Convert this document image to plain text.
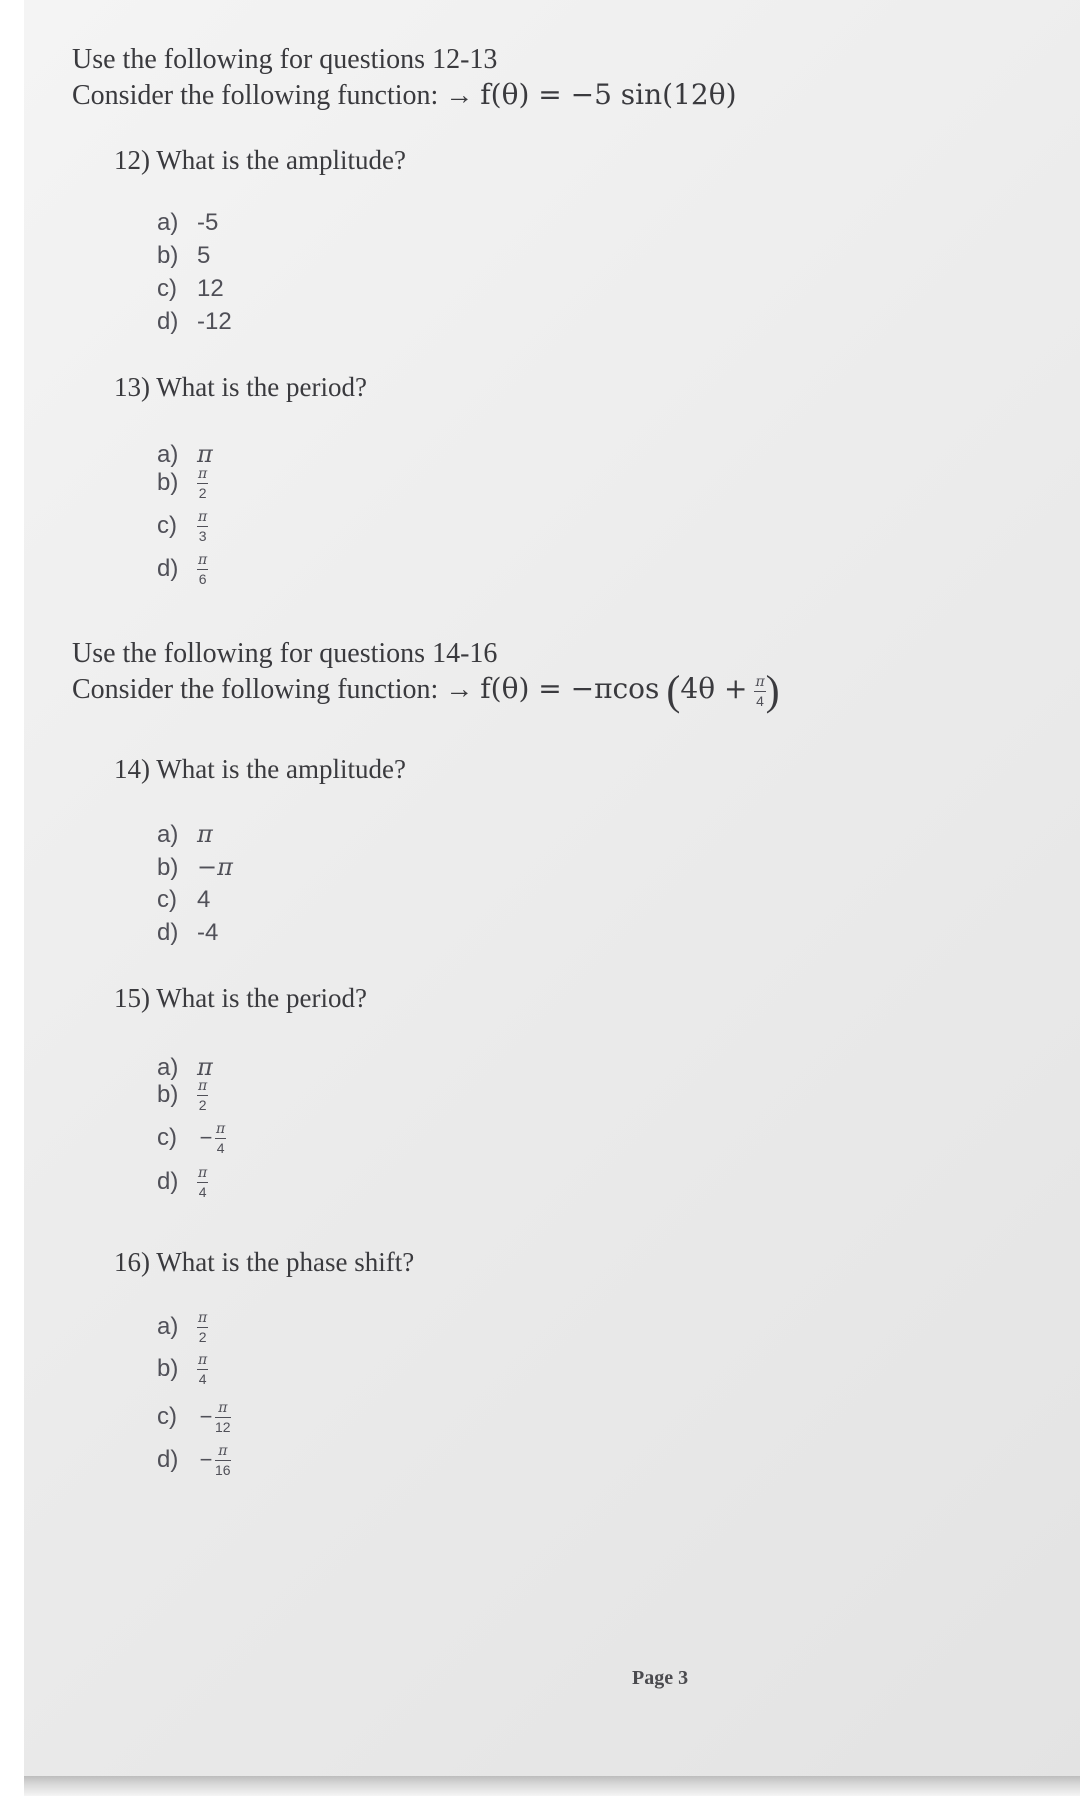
Use the following for questions 12-13
Consider the following function: → f(θ) = −5 sin(12θ)
12) What is the amplitude?
a) -5
b) 5
c) 12
d) -12
13) What is the period?
a) π
$b) \frac{\pi}{2}$
$c) \frac{\pi}{3}$
$d) \frac{\pi}{6}$
Use the following for questions 14-16
Consider the following function: → f(θ) = −πcos ($4\theta + \frac{\pi}{4}$ )
14) What is the amplitude?
a) π
b) −π
c) 4
d) -4
15) What is the period?
a) π
$b) \frac{\pi}{2}$
$c) - \frac{\pi}{4}$
$d) \frac{\pi}{4}$
16) What is the phase shift?
$a) \frac{\pi}{2}$
$b) \frac{\pi}{4}$
$c) - \frac{\pi}{12}$
$d) - \frac{\pi}{16}$
Page 3
